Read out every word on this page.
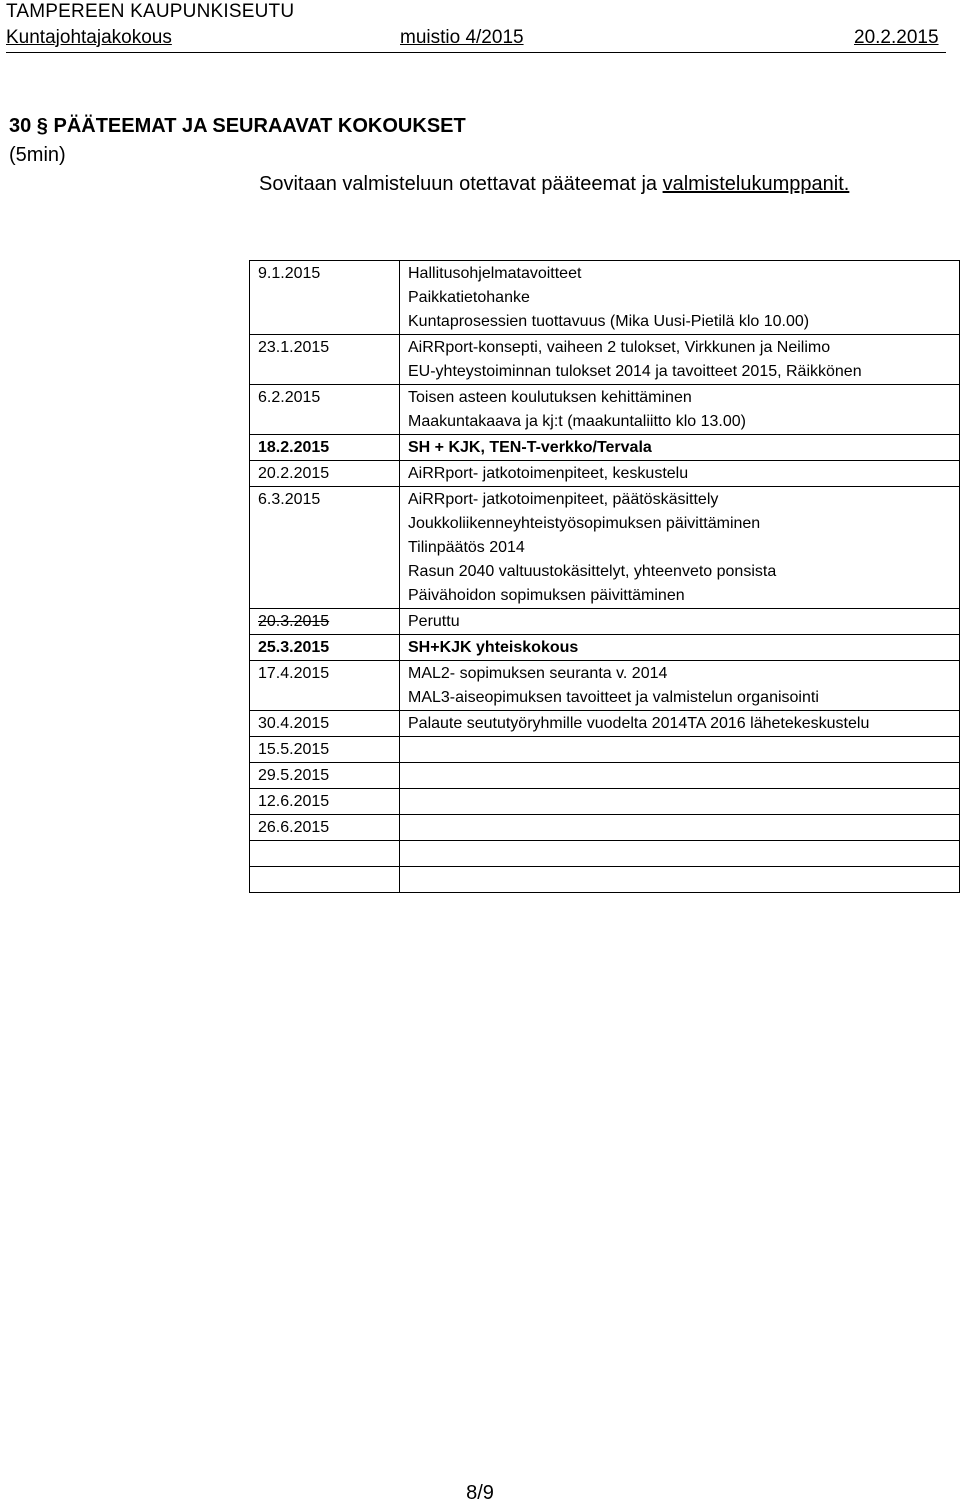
TAMPEREEN KAUPUNKISEUTU
Kuntajohtajakokous	muistio 4/2015	20.2.2015
30 § PÄÄTEEMAT JA SEURAAVAT KOKOUKSET
(5min)
Sovitaan valmisteluun otettavat pääteemat ja valmistelukumppanit.
9.1.2015	Hallitusohjelmatavoitteet
Paikkatietohanke
Kuntaprosessien tuottavuus (Mika Uusi-Pietilä klo 10.00)

23.1.2015	AiRRport-konsepti, vaiheen 2 tulokset, Virkkunen ja Neilimo
EU-yhteystoiminnan tulokset 2014 ja tavoitteet 2015, Räikkönen

6.2.2015	Toisen asteen koulutuksen kehittäminen
Maakuntakaava ja kj:t (maakuntaliitto klo 13.00)

18.2.2015	SH + KJK, TEN-T-verkko/Tervala

20.2.2015	AiRRport- jatkotoimenpiteet, keskustelu

6.3.2015	AiRRport- jatkotoimenpiteet, päätöskäsittely
Joukkoliikenneyhteistyösopimuksen päivittäminen
Tilinpäätös 2014
Rasun 2040 valtuustokäsittelyt, yhteenveto ponsista
Päivähoidon sopimuksen päivittäminen

20.3.2015	Peruttu

25.3.2015	SH+KJK yhteiskokous

17.4.2015	MAL2- sopimuksen seuranta v. 2014
MAL3-aiseopimuksen tavoitteet ja valmistelun organisointi

30.4.2015	Palaute seututyöryhmille vuodelta 2014TA 2016 lähetekeskustelu

15.5.2015	
29.5.2015	
12.6.2015	
26.6.2015	

8/9
